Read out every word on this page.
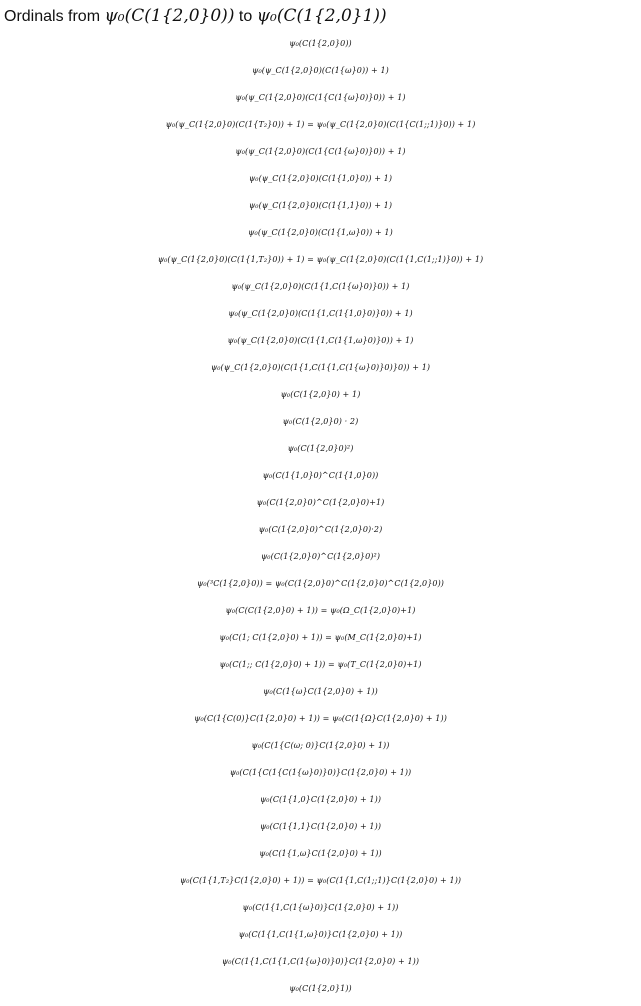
Ordinals from ψ₀(C(1{2,0}0)) to ψ₀(C(1{2,0}1))
ψ₀(C(1{2,0}0))
ψ₀(ψ_C(1{2,0}0)(C(1{ω}0)) + 1)
ψ₀(ψ_C(1{2,0}0)(C(1{C(1{ω}0)}0)) + 1)
ψ₀(ψ_C(1{2,0}0)(C(1{T₂}0)) + 1) = ψ₀(ψ_C(1{2,0}0)(C(1{C(1;;1)}0)) + 1)
ψ₀(ψ_C(1{2,0}0)(C(1{C(1{ω}0)}0)) + 1)
ψ₀(ψ_C(1{2,0}0)(C(1{1,0}0)) + 1)
ψ₀(ψ_C(1{2,0}0)(C(1{1,1}0)) + 1)
ψ₀(ψ_C(1{2,0}0)(C(1{1,ω}0)) + 1)
ψ₀(ψ_C(1{2,0}0)(C(1{1,T₂}0)) + 1) = ψ₀(ψ_C(1{2,0}0)(C(1{1,C(1;;1)}0)) + 1)
ψ₀(ψ_C(1{2,0}0)(C(1{1,C(1{ω}0)}0)) + 1)
ψ₀(ψ_C(1{2,0}0)(C(1{1,C(1{1,0}0)}0)) + 1)
ψ₀(ψ_C(1{2,0}0)(C(1{1,C(1{1,ω}0)}0)) + 1)
ψ₀(ψ_C(1{2,0}0)(C(1{1,C(1{1,C(1{ω}0)}0)}0)) + 1)
ψ₀(C(1{2,0}0) + 1)
ψ₀(C(1{2,0}0) · 2)
ψ₀(C(1{2,0}0)²)
ψ₀(C(1{1,0}0)^C(1{1,0}0))
ψ₀(C(1{2,0}0)^C(1{2,0}0)+1)
ψ₀(C(1{2,0}0)^C(1{2,0}0)·2)
ψ₀(C(1{2,0}0)^C(1{2,0}0)²)
ψ₀(³C(1{2,0}0)) = ψ₀(C(1{2,0}0)^C(1{2,0}0)^C(1{2,0}0))
ψ₀(C(C(1{2,0}0) + 1)) = ψ₀(Ω_C(1{2,0}0)+1)
ψ₀(C(1; C(1{2,0}0) + 1)) = ψ₀(M_C(1{2,0}0)+1)
ψ₀(C(1;; C(1{2,0}0) + 1)) = ψ₀(T_C(1{2,0}0)+1)
ψ₀(C(1{ω}C(1{2,0}0) + 1))
ψ₀(C(1{C(0)}C(1{2,0}0) + 1)) = ψ₀(C(1{Ω}C(1{2,0}0) + 1))
ψ₀(C(1{C(ω; 0)}C(1{2,0}0) + 1))
ψ₀(C(1{C(1{C(1{ω}0)}0)}C(1{2,0}0) + 1))
ψ₀(C(1{1,0}C(1{2,0}0) + 1))
ψ₀(C(1{1,1}C(1{2,0}0) + 1))
ψ₀(C(1{1,ω}C(1{2,0}0) + 1))
ψ₀(C(1{1,T₂}C(1{2,0}0) + 1)) = ψ₀(C(1{1,C(1;;1)}C(1{2,0}0) + 1))
ψ₀(C(1{1,C(1{ω}0)}C(1{2,0}0) + 1))
ψ₀(C(1{1,C(1{1,ω}0)}C(1{2,0}0) + 1))
ψ₀(C(1{1,C(1{1,C(1{ω}0)}0)}C(1{2,0}0) + 1))
ψ₀(C(1{2,0}1))
